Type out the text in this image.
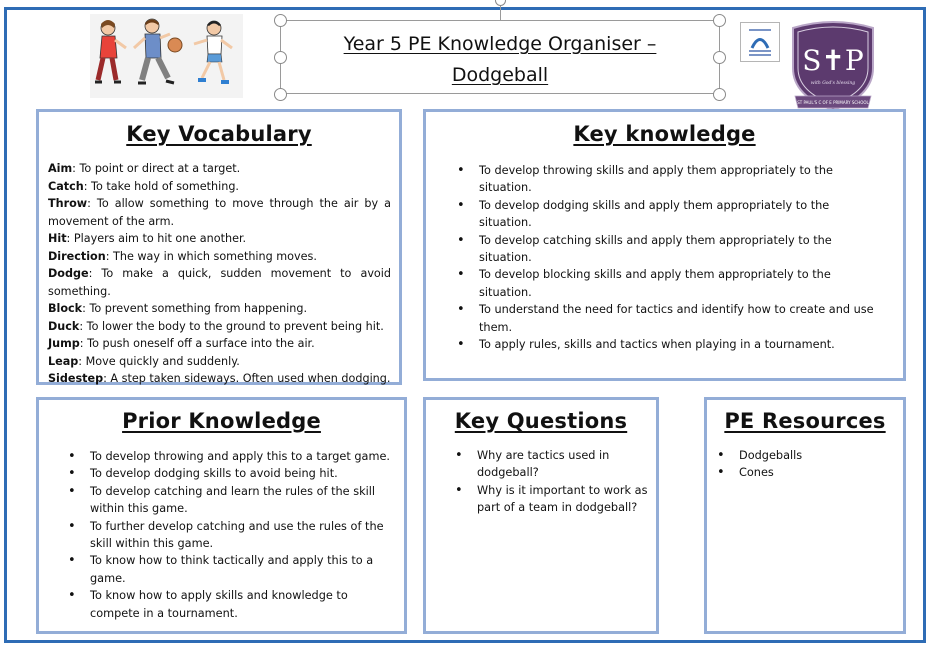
Year 5 PE Knowledge Organiser –
Dodgeball	S✝P
with God's blessing
ST PAUL'S C OF E PRIMARY SCHOOL
Key Vocabulary

Aim: To point or direct at a target.

Catch: To take hold of something.

Throw: To allow something to move through the air by a movement of the arm.

Hit: Players aim to hit one another.

Direction: The way in which something moves.

Dodge: To make a quick, sudden movement to avoid something.

Block: To prevent something from happening.

Duck: To lower the body to the ground to prevent being hit.

Jump: To push oneself off a surface into the air.

Leap: Move quickly and suddenly.

Sidestep: A step taken sideways. Often used when dodging.

Key knowledge
• To develop throwing skills and apply them appropriately to the situation.
• To develop dodging skills and apply them appropriately to the situation.
• To develop catching skills and apply them appropriately to the situation.
• To develop blocking skills and apply them appropriately to the situation.
• To understand the need for tactics and identify how to create and use them.
• To apply rules, skills and tactics when playing in a tournament.
Prior Knowledge
• To develop throwing and apply this to a target game.
• To develop dodging skills to avoid being hit.
• To develop catching and learn the rules of the skill within this game.
• To further develop catching and use the rules of the skill within this game.
• To know how to think tactically and apply this to a game.
• To know how to apply skills and knowledge to compete in a tournament.
Key Questions
• Why are tactics used in dodgeball?
• Why is it important to work as part of a team in dodgeball?
PE Resources
• Dodgeballs
• Cones
